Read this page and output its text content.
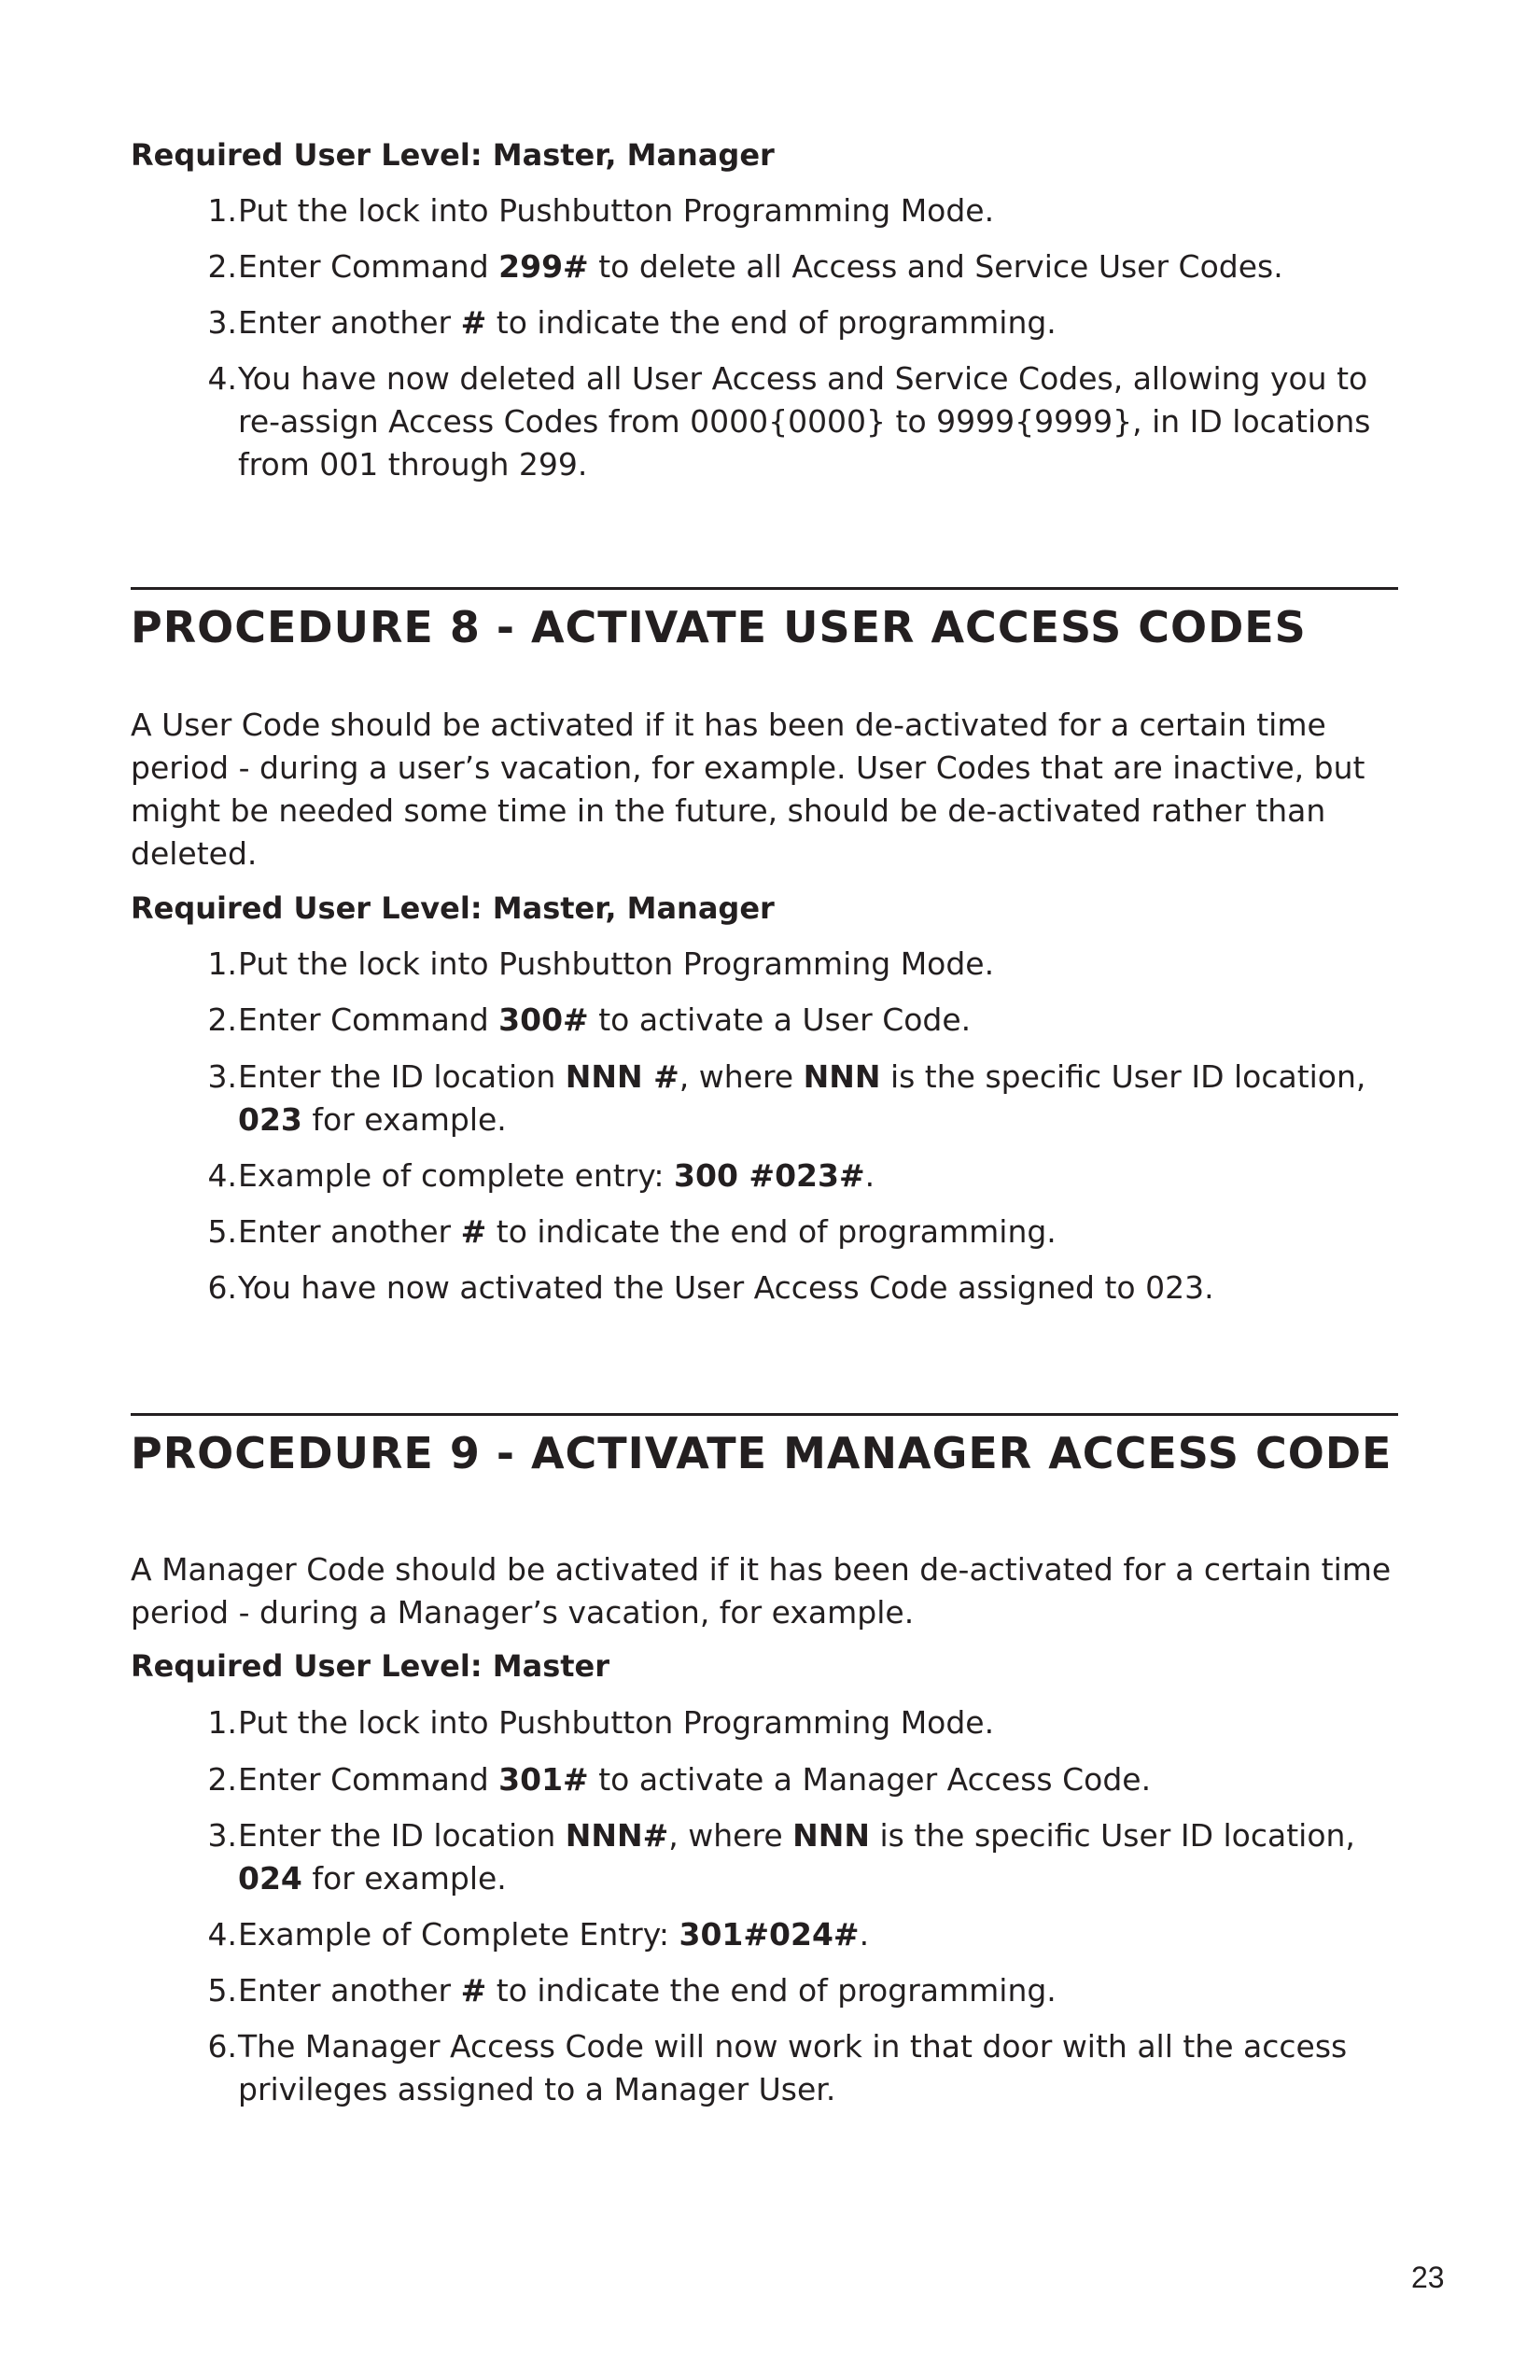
Required User Level: Master, Manager
1. Put the lock into Pushbutton Programming Mode.
2. Enter Command 299# to delete all Access and Service User Codes.
3. Enter another # to indicate the end of programming.
4. You have now deleted all User Access and Service Codes, allowing you to re-assign Access Codes from 0000{0000} to 9999{9999}, in ID locations from 001 through 299.
PROCEDURE 8 - ACTIVATE USER ACCESS CODES
A User Code should be activated if it has been de-activated for a certain time period - during a user’s vacation, for example. User Codes that are inactive, but might be needed some time in the future, should be de-activated rather than deleted.
Required User Level: Master, Manager
1. Put the lock into Pushbutton Programming Mode.
2. Enter Command 300# to activate a User Code.
3. Enter the ID location NNN #, where NNN is the specific User ID location, 023 for example.
4. Example of complete entry: 300 #023#.
5. Enter another # to indicate the end of programming.
6. You have now activated the User Access Code assigned to 023.
PROCEDURE 9 - ACTIVATE MANAGER ACCESS CODE
A Manager Code should be activated if it has been de-activated for a certain time period - during a Manager’s vacation, for example.
Required User Level: Master
1. Put the lock into Pushbutton Programming Mode.
2. Enter Command 301# to activate a Manager Access Code.
3. Enter the ID location NNN#, where NNN is the specific User ID location, 024 for example.
4. Example of Complete Entry: 301#024#.
5. Enter another # to indicate the end of programming.
6. The Manager Access Code will now work in that door with all the access privileges assigned to a Manager User.
23
